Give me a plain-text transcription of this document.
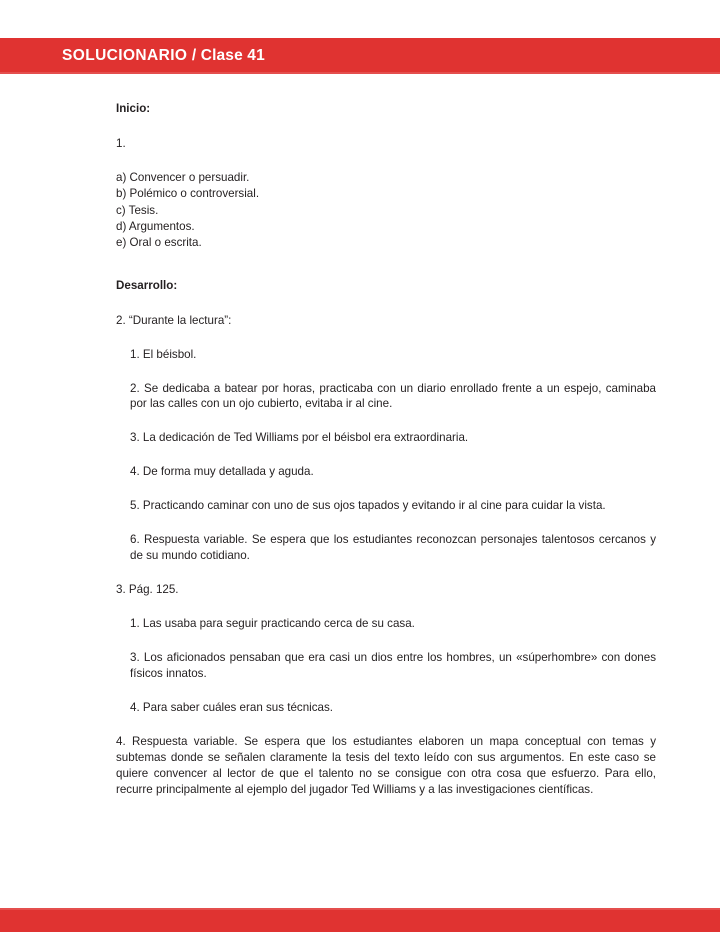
SOLUCIONARIO / Clase 41
Inicio:
1.
a) Convencer o persuadir.
b) Polémico o controversial.
c) Tesis.
d) Argumentos.
e) Oral o escrita.
Desarrollo:
2. “Durante la lectura”:
1. El béisbol.
2. Se dedicaba a batear por horas, practicaba con un diario enrollado frente a un espejo, caminaba por las calles con un ojo cubierto, evitaba ir al cine.
3. La dedicación de Ted Williams por el béisbol era extraordinaria.
4. De forma muy detallada y aguda.
5. Practicando caminar con uno de sus ojos tapados y evitando ir al cine para cuidar la vista.
6. Respuesta variable. Se espera que los estudiantes reconozcan personajes talentosos cercanos y de su mundo cotidiano.
3. Pág. 125.
1. Las usaba para seguir practicando cerca de su casa.
3. Los aficionados pensaban que era casi un dios entre los hombres, un «súperhombre» con dones físicos innatos.
4. Para saber cuáles eran sus técnicas.
4. Respuesta variable. Se espera que los estudiantes elaboren un mapa conceptual con temas y subtemas donde se señalen claramente la tesis del texto leído con sus argumentos. En este caso se quiere convencer al lector de que el talento no se consigue con otra cosa que esfuerzo. Para ello, recurre principalmente al ejemplo del jugador Ted Williams y a las investigaciones científicas.
